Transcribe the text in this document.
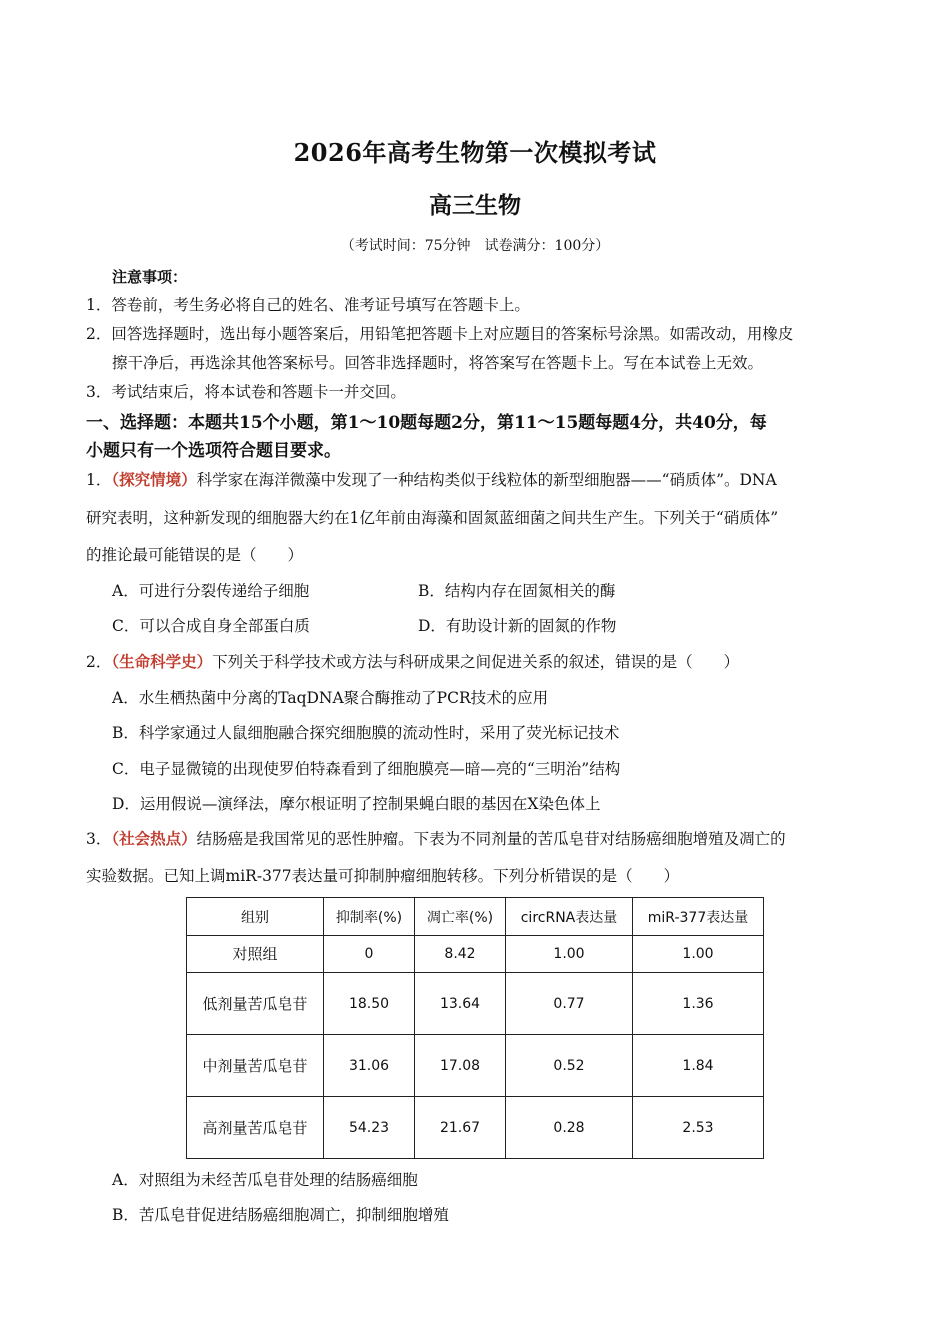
2026年高考生物第一次模拟考试
高三生物
（考试时间：75分钟　试卷满分：100分）
注意事项：
1．答卷前，考生务必将自己的姓名、准考证号填写在答题卡上。
2．回答选择题时，选出每小题答案后，用铅笔把答题卡上对应题目的答案标号涂黑。如需改动，用橡皮
擦干净后，再选涂其他答案标号。回答非选择题时，将答案写在答题卡上。写在本试卷上无效。
3．考试结束后，将本试卷和答题卡一并交回。
一、选择题：本题共15个小题，第1～10题每题2分，第11～15题每题4分，共40分，每
小题只有一个选项符合题目要求。
1．（探究情境）科学家在海洋微藻中发现了一种结构类似于线粒体的新型细胞器——“硝质体”。DNA
研究表明，这种新发现的细胞器大约在1亿年前由海藻和固氮蓝细菌之间共生产生。下列关于“硝质体”
的推论最可能错误的是（　　）
A．可进行分裂传递给子细胞	B．结构内存在固氮相关的酶
C．可以合成自身全部蛋白质	D．有助设计新的固氮的作物
2．（生命科学史）下列关于科学技术或方法与科研成果之间促进关系的叙述，错误的是（　　）
A．水生栖热菌中分离的TaqDNA聚合酶推动了PCR技术的应用
B．科学家通过人鼠细胞融合探究细胞膜的流动性时，采用了荧光标记技术
C．电子显微镜的出现使罗伯特森看到了细胞膜亮—暗—亮的“三明治”结构
D．运用假说—演绎法，摩尔根证明了控制果蝇白眼的基因在X染色体上
3．（社会热点）结肠癌是我国常见的恶性肿瘤。下表为不同剂量的苦瓜皂苷对结肠癌细胞增殖及凋亡的
实验数据。已知上调miR-377表达量可抑制肿瘤细胞转移。下列分析错误的是（　　）
组别	抑制率(%)	凋亡率(%)	circRNA表达量	miR-377表达量
对照组	0	8.42	1.00	1.00
低剂量苦瓜皂苷	18.50	13.64	0.77	1.36
中剂量苦瓜皂苷	31.06	17.08	0.52	1.84
高剂量苦瓜皂苷	54.23	21.67	0.28	2.53
A．对照组为未经苦瓜皂苷处理的结肠癌细胞
B．苦瓜皂苷促进结肠癌细胞凋亡，抑制细胞增殖
